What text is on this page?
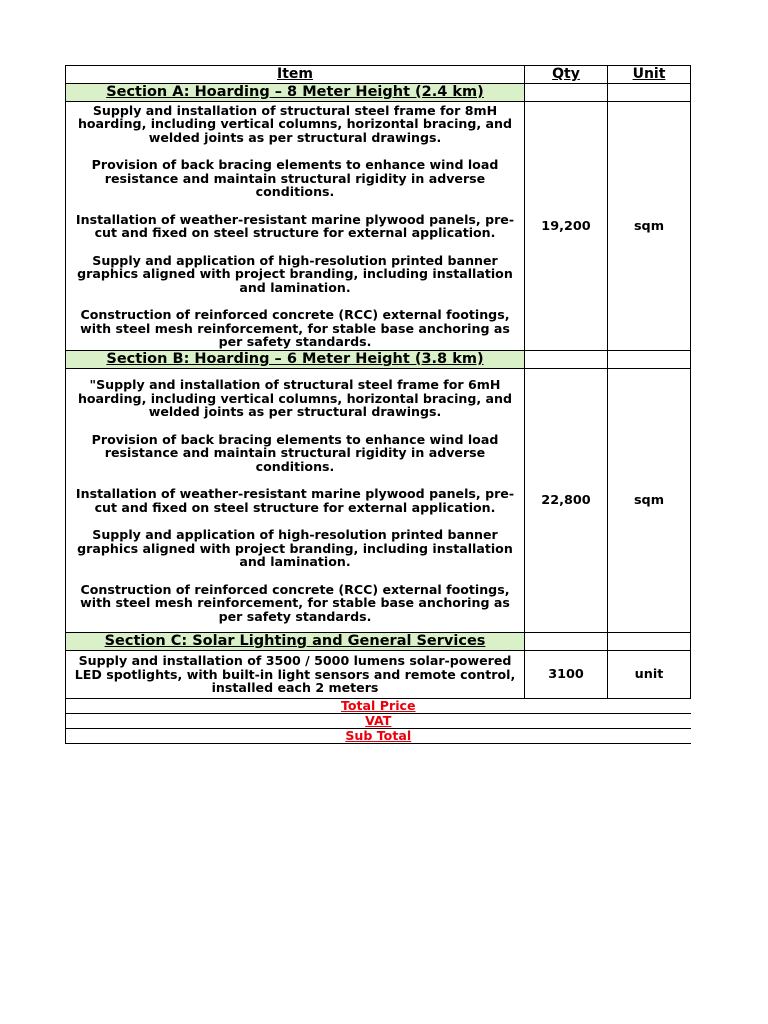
Item	Qty	Unit
Section A: Hoarding – 8 Meter Height (2.4 km)		

Supply and installation of structural steel frame for 8mH hoarding, including vertical columns, horizontal bracing, and welded joints as per structural drawings.

Provision of back bracing elements to enhance wind load resistance and maintain structural rigidity in adverse conditions.

Installation of weather-resistant marine plywood panels, pre-cut and fixed on steel structure for external application.

Supply and application of high-resolution printed banner graphics aligned with project branding, including installation and lamination.

Construction of reinforced concrete (RCC) external footings, with steel mesh reinforcement, for stable base anchoring as per safety standards.	19,200	sqm
Section B: Hoarding – 6 Meter Height (3.8 km)		

"Supply and installation of structural steel frame for 6mH hoarding, including vertical columns, horizontal bracing, and welded joints as per structural drawings.

Provision of back bracing elements to enhance wind load resistance and maintain structural rigidity in adverse conditions.

Installation of weather-resistant marine plywood panels, pre-cut and fixed on steel structure for external application.

Supply and application of high-resolution printed banner graphics aligned with project branding, including installation and lamination.

Construction of reinforced concrete (RCC) external footings, with steel mesh reinforcement, for stable base anchoring as per safety standards.	22,800	sqm
Section C: Solar Lighting and General Services		

Supply and installation of 3500 / 5000 lumens solar-powered LED spotlights, with built-in light sensors and remote control, installed each 2 meters	3100	unit
Total Price		
VAT		
Sub Total		
